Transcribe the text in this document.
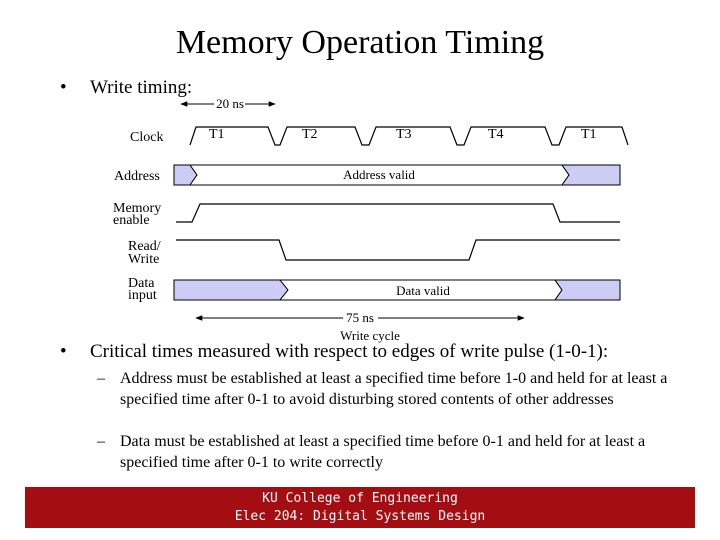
Memory Operation Timing
• Write timing:
20 ns
Clock	T1	T2	T3	T4	T1
Address	Address valid
Memory
enable
Read/
Write
Data
input	Data valid
75 ns
Write cycle
• Critical times measured with respect to edges of write pulse (1-0-1):
– Address must be established at least a specified time before 1-0 and held for at least a specified time after 0-1 to avoid disturbing stored contents of other addresses
– Data must be established at least a specified time before 0-1 and held for at least a specified time after 0-1 to write correctly
KU College of Engineering
Elec 204: Digital Systems Design
